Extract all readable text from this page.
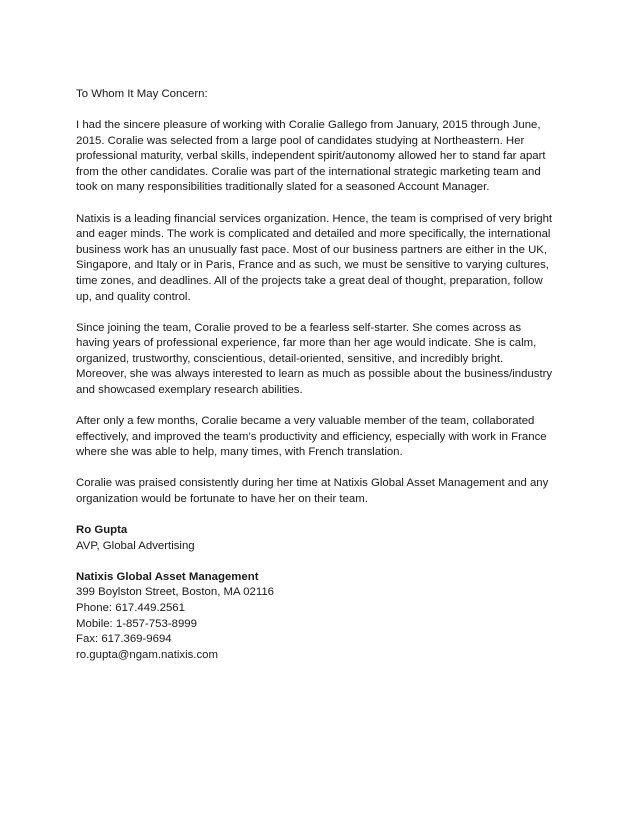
To Whom It May Concern:

I had the sincere pleasure of working with Coralie Gallego from January, 2015 through June,
2015. Coralie was selected from a large pool of candidates studying at Northeastern. Her
professional maturity, verbal skills, independent spirit/autonomy allowed her to stand far apart
from the other candidates. Coralie was part of the international strategic marketing team and
took on many responsibilities traditionally slated for a seasoned Account Manager.

Natixis is a leading financial services organization. Hence, the team is comprised of very bright
and eager minds. The work is complicated and detailed and more specifically, the international
business work has an unusually fast pace. Most of our business partners are either in the UK,
Singapore, and Italy or in Paris, France and as such, we must be sensitive to varying cultures,
time zones, and deadlines. All of the projects take a great deal of thought, preparation, follow
up, and quality control.

Since joining the team, Coralie proved to be a fearless self-starter. She comes across as
having years of professional experience, far more than her age would indicate. She is calm,
organized, trustworthy, conscientious, detail-oriented, sensitive, and incredibly bright.
Moreover, she was always interested to learn as much as possible about the business/industry
and showcased exemplary research abilities.

After only a few months, Coralie became a very valuable member of the team, collaborated
effectively, and improved the team’s productivity and efficiency, especially with work in France
where she was able to help, many times, with French translation.

Coralie was praised consistently during her time at Natixis Global Asset Management and any
organization would be fortunate to have her on their team.

Ro Gupta
AVP, Global Advertising
Natixis Global Asset Management
399 Boylston Street, Boston, MA 02116
Phone: 617.449.2561
Mobile: 1-857-753-8999
Fax: 617.369-9694
ro.gupta@ngam.natixis.com
